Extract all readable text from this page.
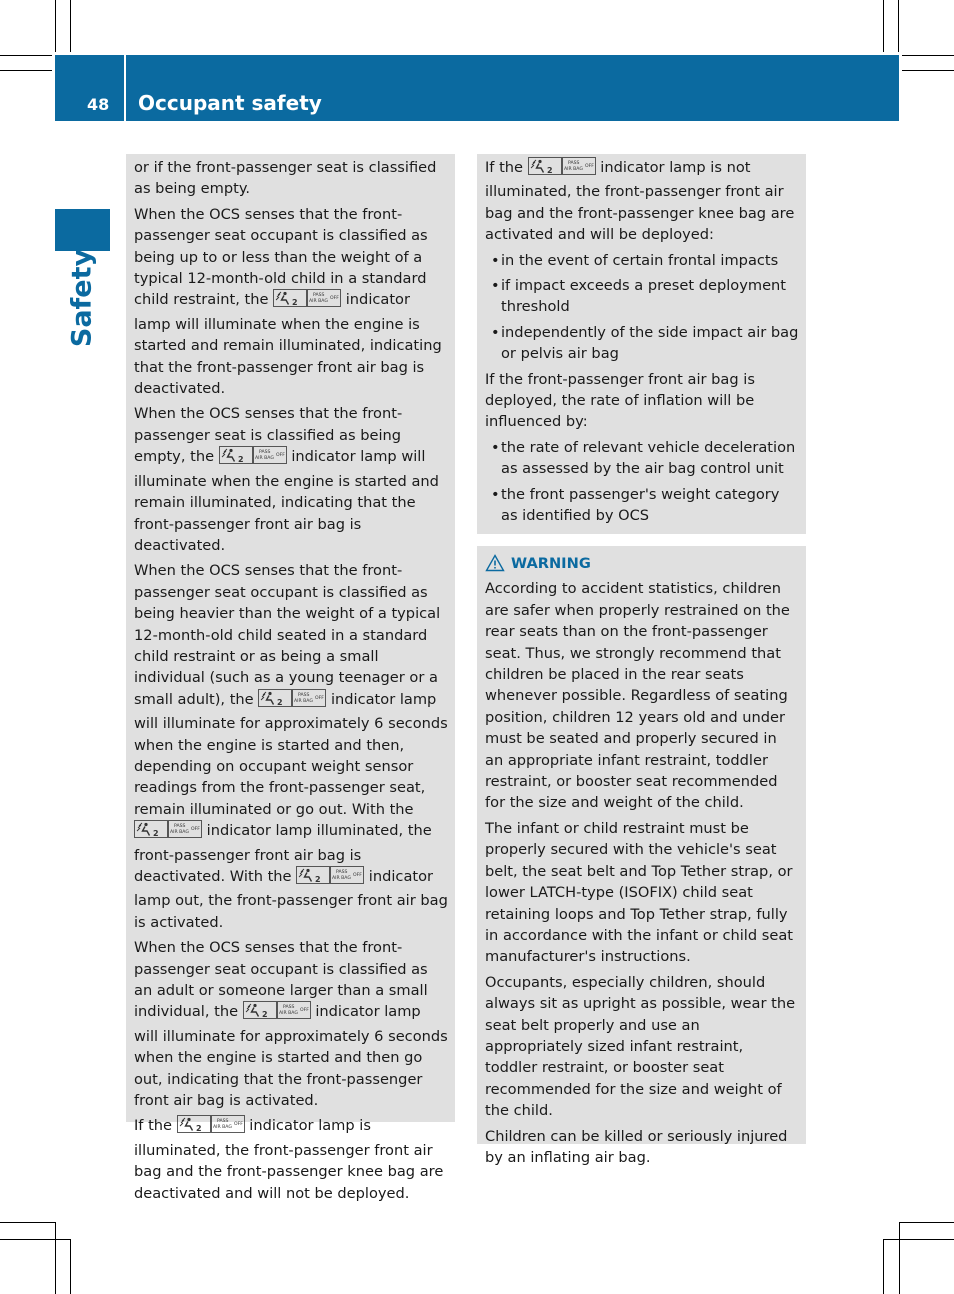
48 Occupant safety
Safety

or if the front-passenger seat is classified as being empty.

When the OCS senses that the front-passenger seat occupant is classified as being up to or less than the weight of a typical 12-month-old child in a standard child restraint, the	indicator lamp will illuminate when the engine is started and remain illuminated, indicating that the front-passenger front air bag is deactivated.

When the OCS senses that the front-passenger seat is classified as being empty, the	indicator lamp will illuminate when the engine is started and remain illuminated, indicating that the front-passenger front air bag is deactivated.

When the OCS senses that the front-passenger seat occupant is classified as being heavier than the weight of a typical 12-month-old child seated in a standard child restraint or as being a small individual (such as a young teenager or a small adult), the	indicator lamp will illuminate for approximately 6 seconds when the engine is started and then, depending on occupant weight sensor readings from the front-passenger seat, remain illuminated or go out. With the  indicator lamp illuminated, the front-passenger front air bag is deactivated. With the	indicator lamp out, the front-passenger front air bag is activated.

When the OCS senses that the front-passenger seat occupant is classified as an adult or someone larger than a small individual, the	indicator lamp will illuminate for approximately 6 seconds when the engine is started and then go out, indicating that the front-passenger front air bag is activated.

If the	indicator lamp is illuminated, the front-passenger front air bag and the front-passenger knee bag are deactivated and will not be deployed.

If the	indicator lamp is not illuminated, the front-passenger front air bag and the front-passenger knee bag are activated and will be deployed:

• in the event of certain frontal impacts
• if impact exceeds a preset deployment threshold
• independently of the side impact air bag or pelvis air bag

If the front-passenger front air bag is deployed, the rate of inflation will be influenced by:

• the rate of relevant vehicle deceleration as assessed by the air bag control unit
• the front passenger's weight category as identified by OCS
WARNING

According to accident statistics, children are safer when properly restrained on the rear seats than on the front-passenger seat. Thus, we strongly recommend that children be placed in the rear seats whenever possible. Regardless of seating position, children 12 years old and under must be seated and properly secured in an appropriate infant restraint, toddler restraint, or booster seat recommended for the size and weight of the child.

The infant or child restraint must be properly secured with the vehicle's seat belt, the seat belt and Top Tether strap, or lower LATCH-type (ISOFIX) child seat retaining loops and Top Tether strap, fully in accordance with the infant or child seat manufacturer's instructions.

Occupants, especially children, should always sit as upright as possible, wear the seat belt properly and use an appropriately sized infant restraint, toddler restraint, or booster seat recommended for the size and weight of the child.

Children can be killed or seriously injured by an inflating air bag.
